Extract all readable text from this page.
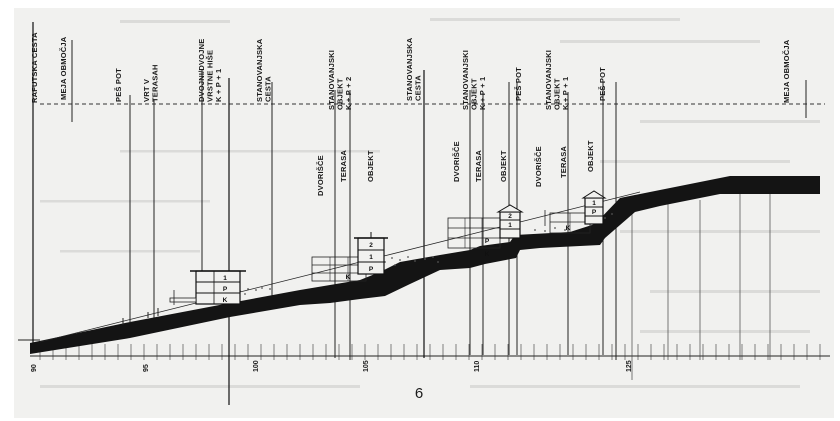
1
P
K
2
1
P
K
2
1
P
K
1
P
K
RAFUTSKA CESTA	MEJA OBMOČJA	PEŠ POT	VRT V TERASAH	DVOJNI/DVOJNE VRSTNE HIŠE K + P + 1	STANOVANJSKA CESTA	STANOVANJSKI OBJEKT K + P + 2	STANOVANJSKA CESTA	STANOVANJSKI OBJEKT K + P + 1	PEŠ POT	STANOVANJSKI OBJEKT K + P + 1	PEŠ POT	MEJA OBMOČJA
DVORIŠČE TERASA OBJEKT	DVORIŠČE TERASA OBJEKT	DVORIŠČE TERASA OBJEKT
90	95	100	105	110	125
6
